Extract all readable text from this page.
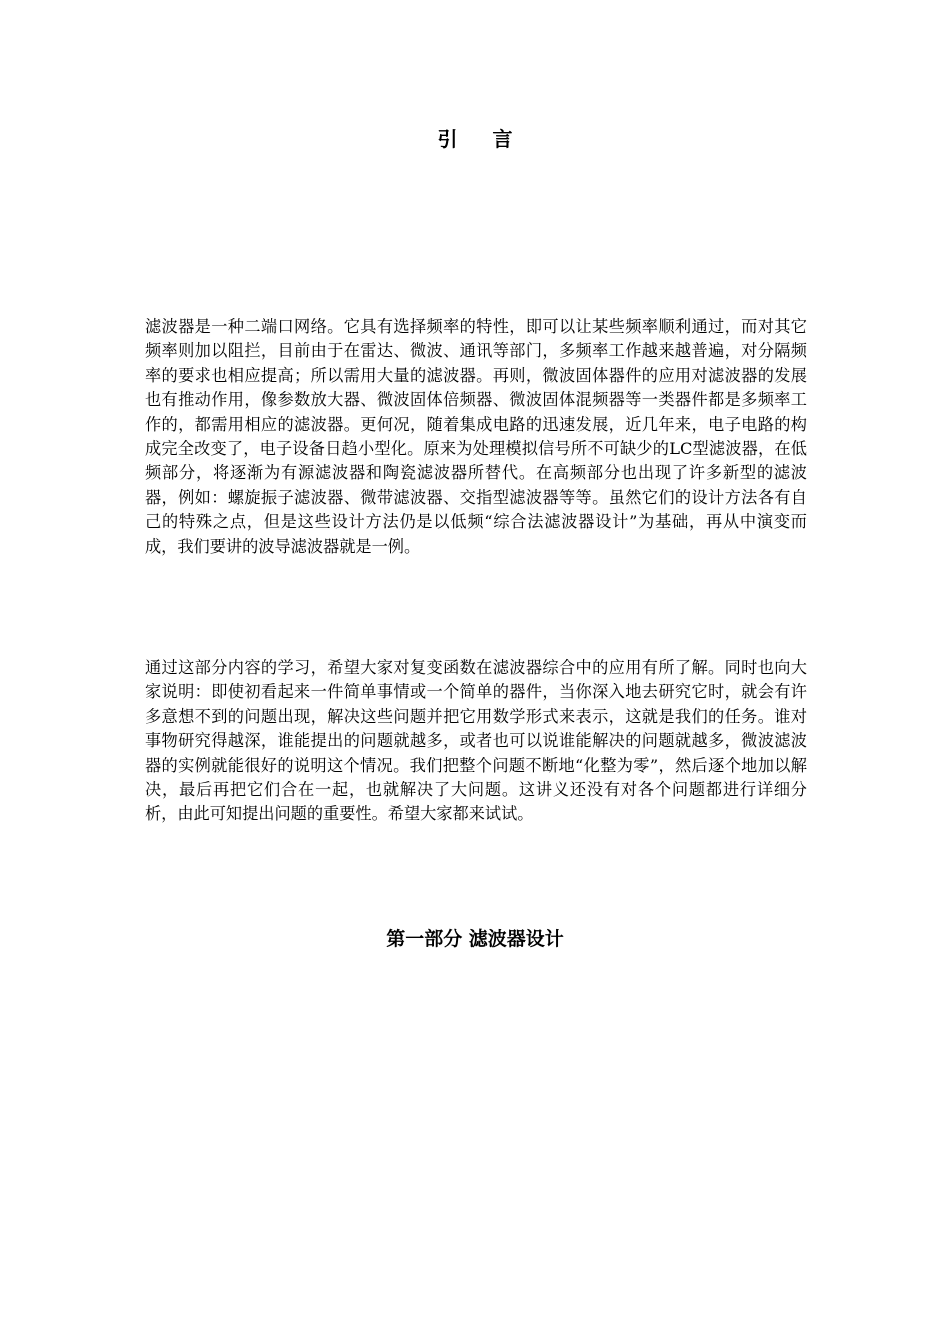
引 言

滤波器是一种二端口网络。它具有选择频率的特性，即可以让某些频率顺利通过，而对其它频率则加以阻拦，目前由于在雷达、微波、通讯等部门，多频率工作越来越普遍，对分隔频率的要求也相应提高；所以需用大量的滤波器。再则，微波固体器件的应用对滤波器的发展也有推动作用，像参数放大器、微波固体倍频器、微波固体混频器等一类器件都是多频率工作的，都需用相应的滤波器。更何况，随着集成电路的迅速发展，近几年来，电子电路的构成完全改变了，电子设备日趋小型化。原来为处理模拟信号所不可缺少的LC型滤波器，在低频部分，将逐渐为有源滤波器和陶瓷滤波器所替代。在高频部分也出现了许多新型的滤波器，例如：螺旋振子滤波器、微带滤波器、交指型滤波器等等。虽然它们的设计方法各有自己的特殊之点，但是这些设计方法仍是以低频“综合法滤波器设计”为基础，再从中演变而成，我们要讲的波导滤波器就是一例。

通过这部分内容的学习，希望大家对复变函数在滤波器综合中的应用有所了解。同时也向大家说明：即使初看起来一件简单事情或一个简单的器件，当你深入地去研究它时，就会有许多意想不到的问题出现，解决这些问题并把它用数学形式来表示，这就是我们的任务。谁对事物研究得越深，谁能提出的问题就越多，或者也可以说谁能解决的问题就越多，微波滤波器的实例就能很好的说明这个情况。我们把整个问题不断地“化整为零”，然后逐个地加以解决，最后再把它们合在一起，也就解决了大问题。这讲义还没有对各个问题都进行详细分析，由此可知提出问题的重要性。希望大家都来试试。

第一部分 滤波器设计
